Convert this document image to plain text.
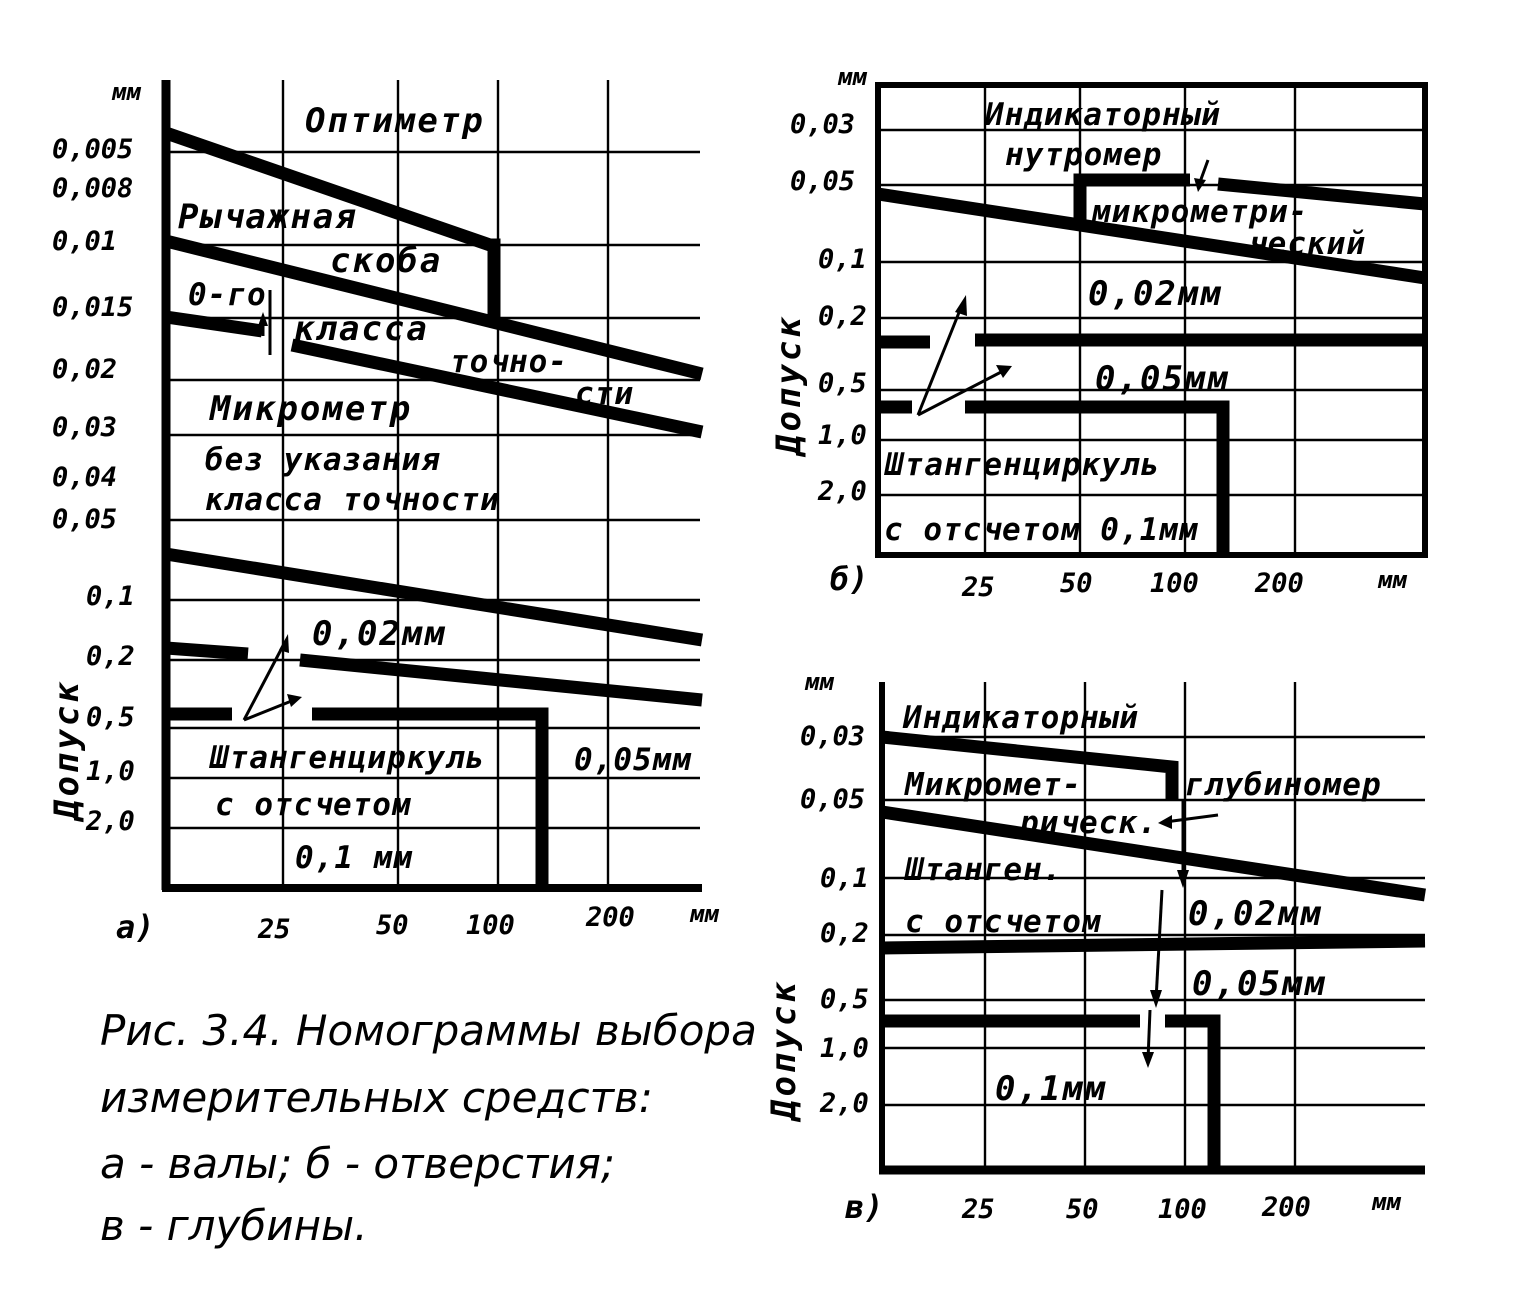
мм
0,005
0,008
0,01
0,015
0,02
0,03
0,04
0,05
0,1
0,2
0,5
1,0
2,0
Допуск
25	50 100	200 мм
а)
Оптиметр
Рычажная
скоба
0-го
класса
точно-
сти
Микрометр
без указания
класса точности
0,02мм
Штангенциркуль
с отсчетом
0,1 мм
0,05мм
мм
0,03
0,05
0,1
0,2
0,5
1,0
2,0
Допуск
25 50 100 200	мм
б)
Индикаторный
нутромер
микрометри-
ческий
0,02мм
0,05мм
Штангенциркуль
с отсчетом 0,1мм
мм
0,03
0,05
0,1
0,2
0,5
1,0
2,0
Допуск
25	50 100 200	мм
в)
Индикаторный
Микромет-
рическ.
глубиномер
Штанген.
с отсчетом	0,02мм
0,05мм
0,1мм
Рис. 3.4. Номограммы выбора
измерительных средств:
а - валы; б - отверстия;
в - глубины.
